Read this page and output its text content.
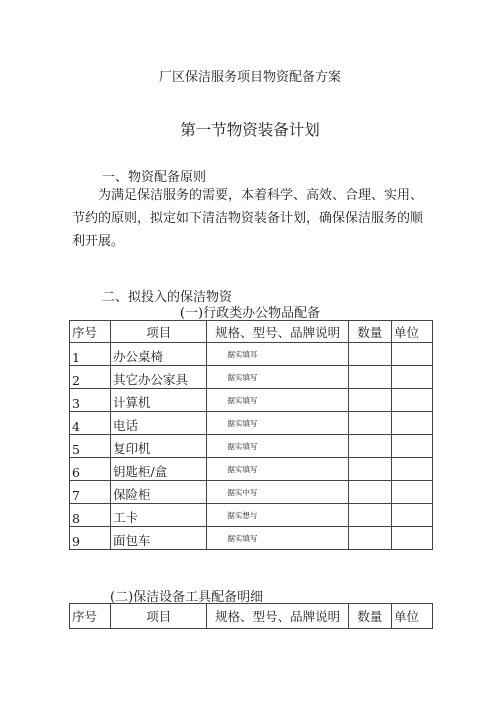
厂区保洁服务项目物资配备方案
第一节物资装备计划
一、物资配备原则
为满足保洁服务的需要，本着科学、高效、合理、实用、节约的原则，拟定如下清洁物资装备计划，确保保洁服务的顺利开展。
二、拟投入的保洁物资
(一)行政类办公物品配备
序号	项目	规格、型号、品牌说明	数量	单位
1	办公桌椅	据实填耳		
2	其它办公家具	据实填写		
3	计算机	据实填写		
4	电话	据实填写		
5	复印机	据实填写		
6	钥匙柜/盒	据实填写		
7	保险柜	据实中写		
8	工卡	据实想与		
9	面包车	据实填写		
(二)保洁设备工具配备明细
序号	项目	规格、型号、品牌说明	数量	单位
